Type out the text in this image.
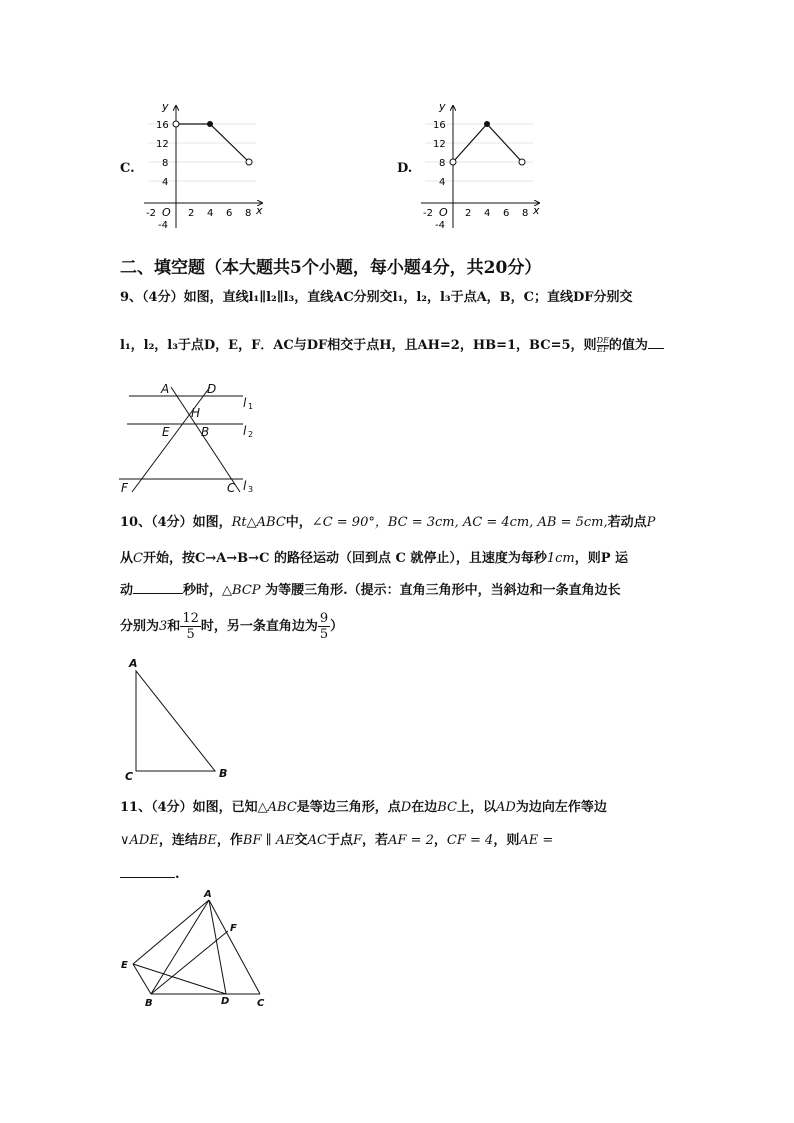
C.
y
x
O
16
12
8
4
-4
-2	2 4 6 8
D.
y
x
O
16
12
8
4
-4
-2	2 4 6 8
二、填空题（本大题共5个小题，每小题4分，共20分）
9、（4分）如图，直线l₁∥l₂∥l₃，直线AC分别交l₁，l₂，l₃于点A，B，C；直线DF分别交
l₁，l₂，l₃于点D，E，F．AC与DF相交于点H，且AH=2，HB=1，BC=5，则 $\frac{DE}{EF}$的值为
A	D
H
E	B
F	C
l
l
l
1
2
3
10、（4分）如图，Rt△ABC中，∠C = 90°，BC = 3cm, AC = 4cm, AB = 5cm,若动点P
从C开始，按C→A→B→C 的路径运动（回到点 C 就停止），且速度为每秒1cm，则P 运
动	秒时，△BCP 为等腰三角形.（提示：直角三角形中，当斜边和一条直角边长
分别为3和 $\frac{12}{5}$ 时，另一条直角边为 $\frac{9}{5}$ ）
A
C	B
11、（4分）如图，已知△ABC是等边三角形，点D在边BC上，以AD为边向左作等边
∨ADE，连结BE，作BF ∥ AE交AC于点F，若AF = 2，CF = 4，则AE =
.
A
F
E
B	D	C
